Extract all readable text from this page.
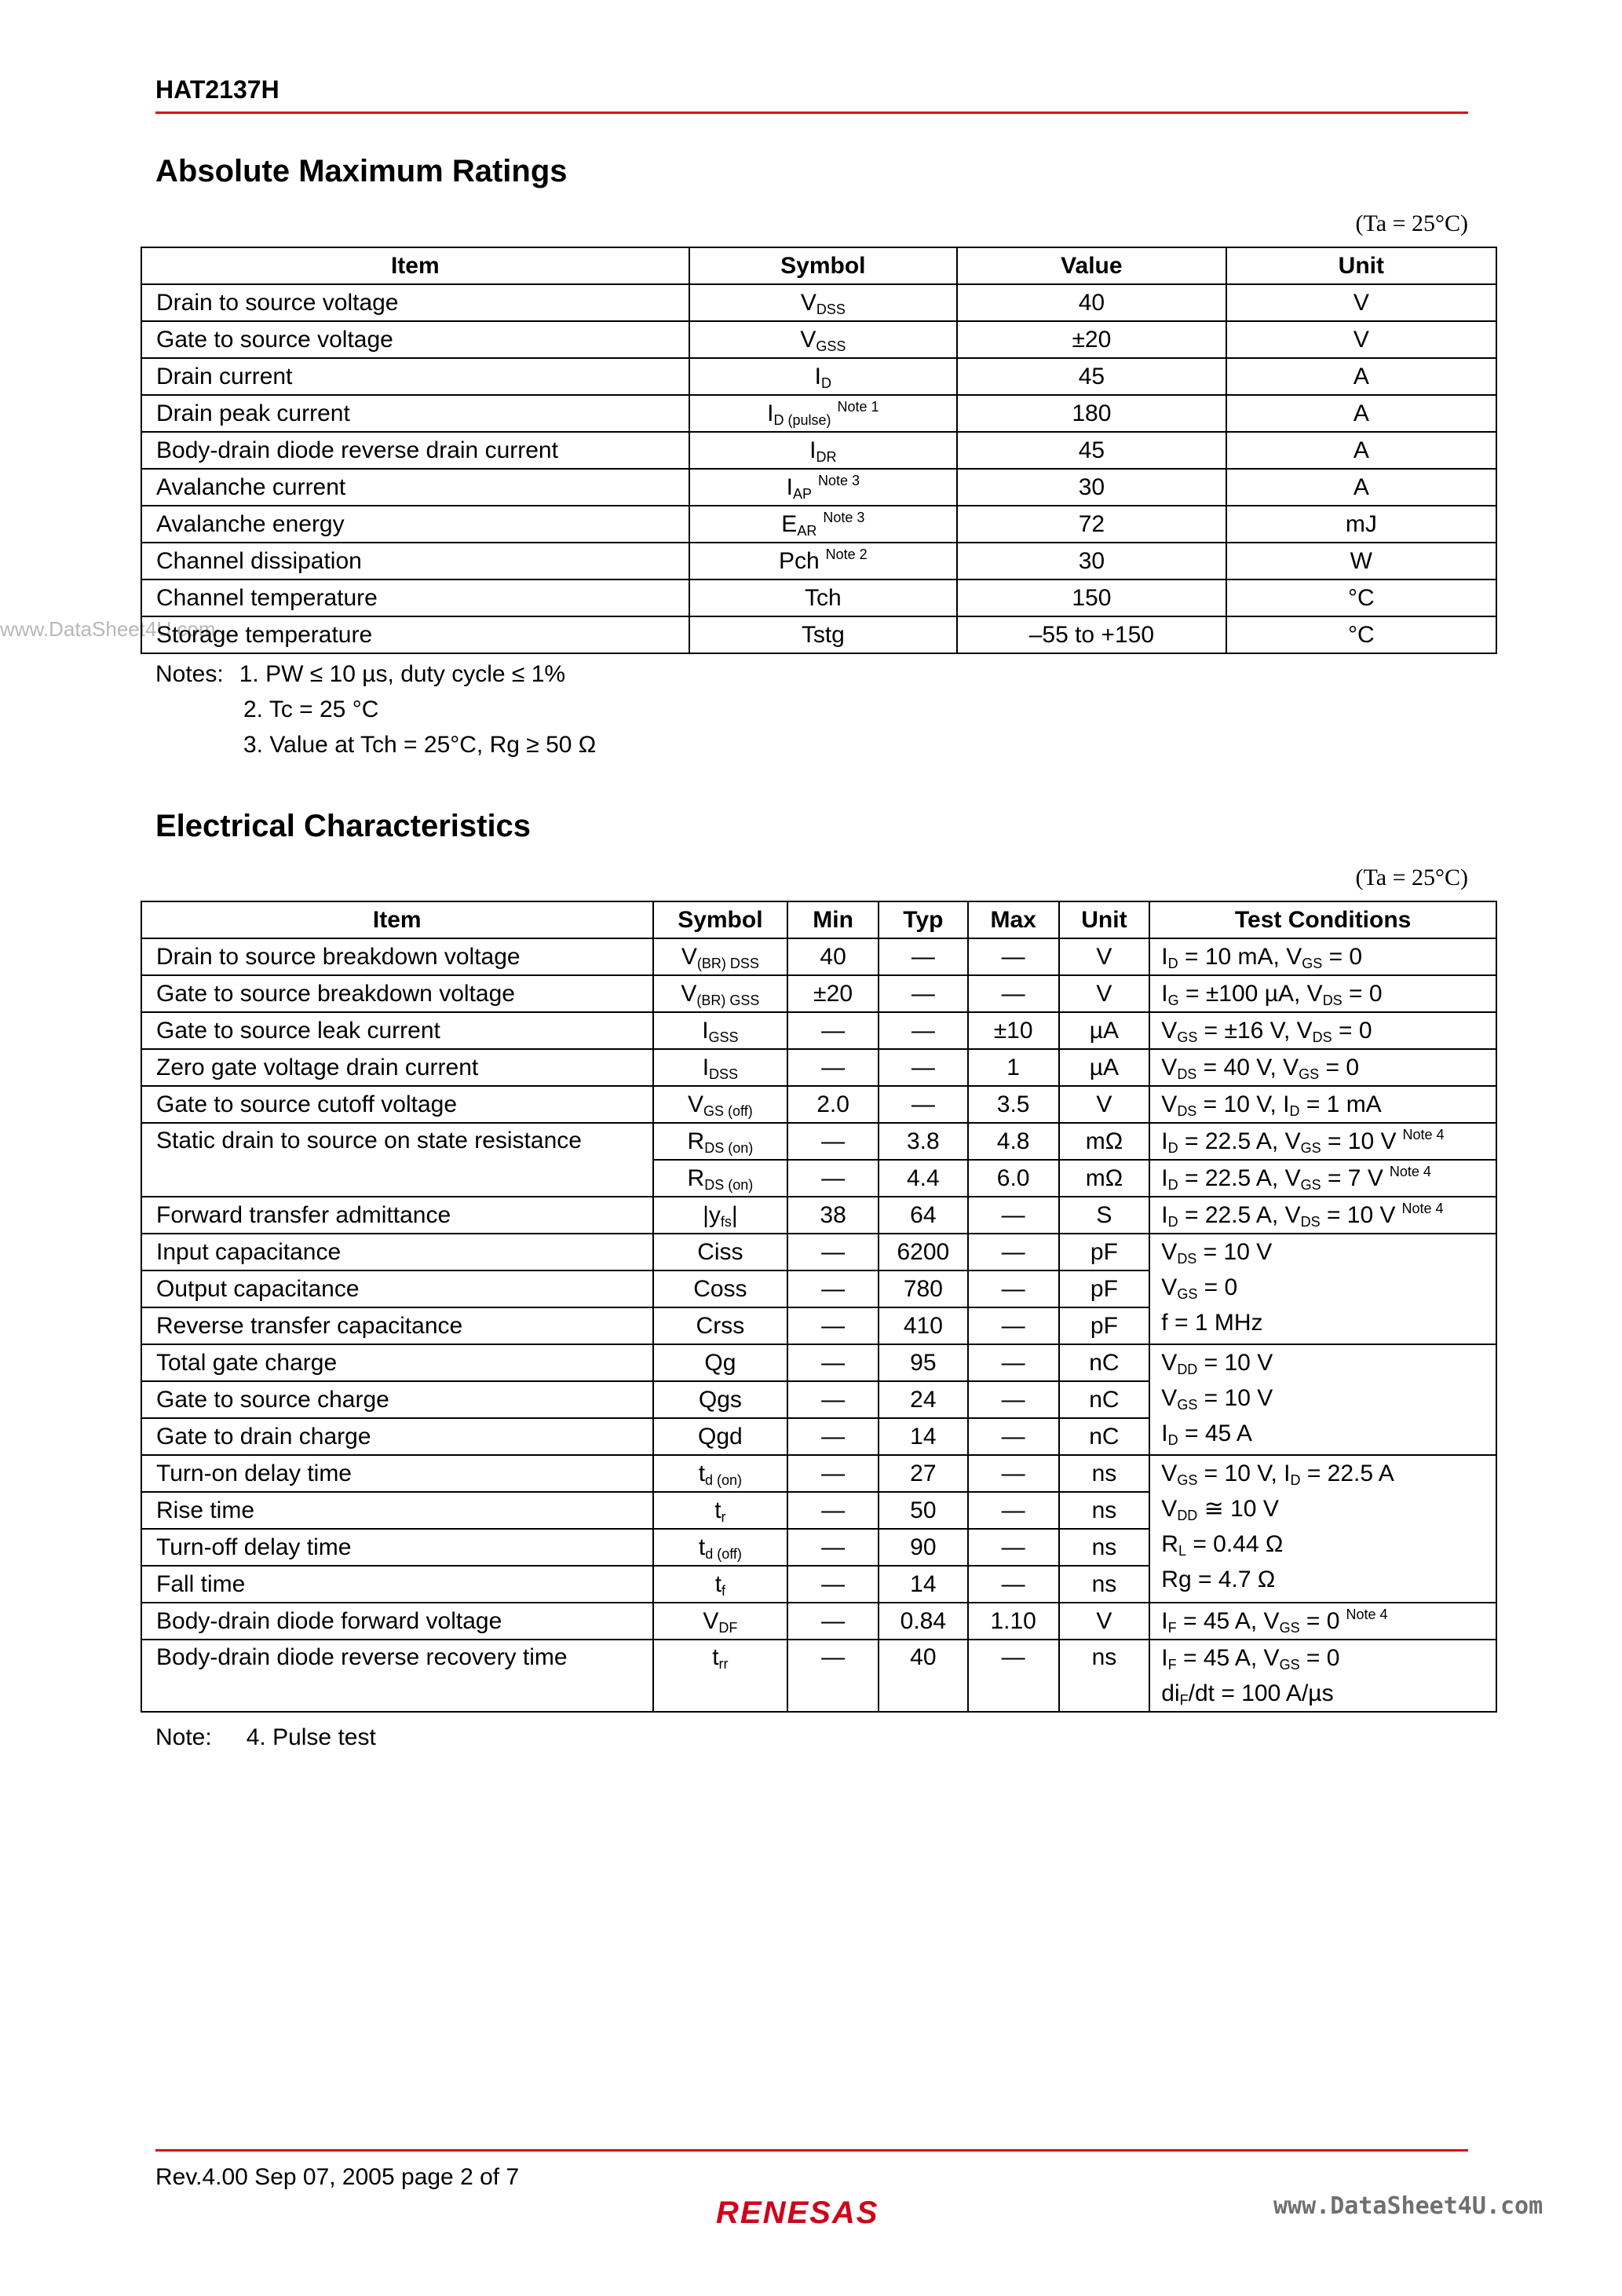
HAT2137H
www.DataSheet4U.com
Absolute Maximum Ratings
(Ta = 25°C)
Item	Symbol	Value	Unit
Drain to source voltage	$V_{DSS}$	40	V
Gate to source voltage	$V_{GSS}$	±20	V
Drain current	$I_D$	45	A
Drain peak current	$I_{D (pulse)}^{Note 1}$	180	A
Body-drain diode reverse drain current	$I_{DR}$	45	A
Avalanche current	$I_{AP}^{Note 3}$	30	A
Avalanche energy	$E_{AR}^{Note 3}$	72	mJ
Channel dissipation	Pch $^{Note 2}$	30	W
Channel temperature	Tch	150	°C
Storage temperature	Tstg	–55 to +150	°C
Notes: 1. PW ≤ 10 µs, duty cycle ≤ 1%
2. Tc = 25 °C
3. Value at Tch = 25°C, Rg ≥ 50 Ω
Electrical Characteristics
(Ta = 25°C)
Item	Symbol	Min	Typ	Max	Unit	Test Conditions
Drain to source breakdown voltage	$V_{(BR) DSS}$	40	—	—	V	$I_D = 10$ mA, $V_{GS} = 0$
Gate to source breakdown voltage	$V_{(BR) GSS}$	±20	—	—	V	$I_G = \pm 100$ µA, $V_{DS} = 0$
Gate to source leak current	$I_{GSS}$	—	—	±10	µA	$V_{GS} = \pm 16$ V, $V_{DS} = 0$
Zero gate voltage drain current	$I_{DSS}$	—	—	1	µA	$V_{DS} = 40$ V, $V_{GS} = 0$
Gate to source cutoff voltage	$V_{GS (off)}$	2.0	—	3.5	V	$V_{DS} = 10$ V, $I_D = 1$ mA
Static drain to source on state resistance	$R_{DS (on)}$	—	3.8	4.8	mΩ	$I_D = 22.5$ A, $V_{GS} = 10$ V $^{Note 4}$
	$R_{DS (on)}$	—	4.4	6.0	mΩ	$I_D = 22.5$ A, $V_{GS} = 7$ V $^{Note 4}$
Forward transfer admittance	$|y_{fs}|$	38	64	—	S	$I_D = 22.5$ A, $V_{DS} = 10$ V $^{Note 4}$
Input capacitance	Ciss	—	6200	—	pF	$V_{DS} = 10$ V
$V_{GS} = 0$
f = 1 MHz

Output capacitance	Coss	—	780	—	pF	
Reverse transfer capacitance	Crss	—	410	—	pF	
Total gate charge	Qg	—	95	—	nC	$V_{DD} = 10$ V
$V_{GS} = 10$ V
$I_D = 45$ A

Gate to source charge	Qgs	—	24	—	nC	
Gate to drain charge	Qgd	—	14	—	nC	
Turn-on delay time	$t_{d (on)}$	—	27	—	ns	$V_{GS} = 10$ V, $I_D = 22.5$ A
$V_{DD}$ ≅ 10 V
$R_L = 0.44$ Ω
Rg = 4.7 Ω

Rise time	$t_r$	—	50	—	ns	
Turn-off delay time	$t_{d (off)}$	—	90	—	ns	
Fall time	$t_f$	—	14	—	ns	
Body-drain diode forward voltage	$V_{DF}$	—	0.84	1.10	V	$I_F = 45$ A, $V_{GS} = 0$ $^{Note 4}$
Body-drain diode reverse recovery time	$t_{rr}$	—	40	—	ns	$I_F = 45$ A, $V_{GS} = 0$
$di_F/dt = 100$ A/µs
Note: 4. Pulse test
Rev.4.00 Sep 07, 2005 page 2 of 7
RENESAS	www.DataSheet4U.com
